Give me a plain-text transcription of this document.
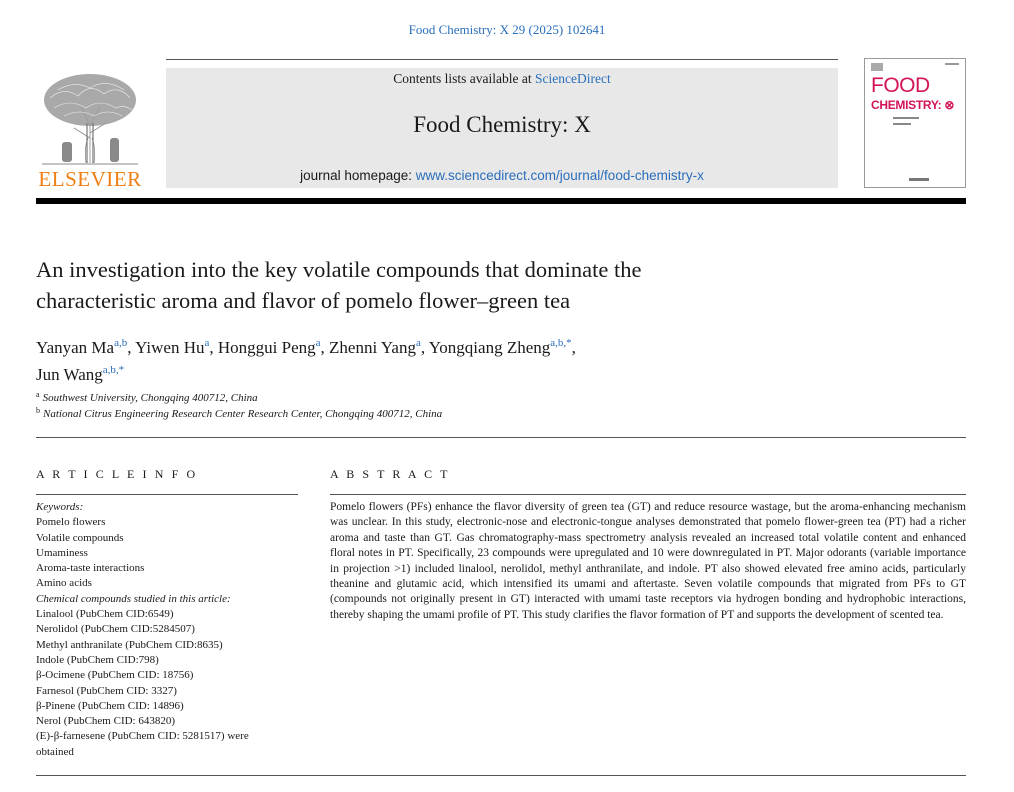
Food Chemistry: X 29 (2025) 102641
ELSEVIER
Contents lists available at ScienceDirect
Food Chemistry: X
journal homepage: www.sciencedirect.com/journal/food-chemistry-x
FOOD
CHEMISTRY: ⊗
An investigation into the key volatile compounds that dominate the
characteristic aroma and flavor of pomelo flower–green tea
Yanyan Ma$^{a,b}$, Yiwen Hu$^a$, Honggui Peng$^a$, Zhenni Yang$^a$, Yongqiang Zheng$^{a,b,*}$,
Jun Wang$^{a,b,*}$
$^a$ Southwest University, Chongqing 400712, China
$^b$ National Citrus Engineering Research Center Research Center, Chongqing 400712, China
A R T I C L E I N F O	A B S T R A C T
Keywords:
Pomelo flowers
Volatile compounds
Umaminess
Aroma-taste interactions
Amino acids
Chemical compounds studied in this article:
Linalool (PubChem CID:6549)
Nerolidol (PubChem CID:5284507)
Methyl anthranilate (PubChem CID:8635)
Indole (PubChem CID:798)
β-Ocimene (PubChem CID: 18756)
Farnesol (PubChem CID: 3327)
β-Pinene (PubChem CID: 14896)
Nerol (PubChem CID: 643820)
(E)-β-farnesene (PubChem CID: 5281517) were
obtained
Pomelo flowers (PFs) enhance the flavor diversity of green tea (GT) and reduce resource wastage, but the aroma-enhancing mechanism was unclear. In this study, electronic-nose and electronic-tongue analyses demonstrated that pomelo flower-green tea (PT) had a richer aroma and taste than GT. Gas chromatography-mass spectrometry analysis revealed an increased total volatile content and enhanced floral notes in PT. Specifically, 23 compounds were upregulated and 10 were downregulated in PT. Major odorants (variable importance in projection >1) included linalool, nerolidol, methyl anthranilate, and indole. PT also showed elevated free amino acids, particularly theanine and glutamic acid, which intensified its umami and aftertaste. Seven volatile compounds that migrated from PFs to GT (compounds not originally present in GT) interacted with umami taste receptors via hydrogen bonding and hydrophobic interactions, thereby shaping the umami profile of PT. This study clarifies the flavor formation of PT and supports the development of scented tea.
